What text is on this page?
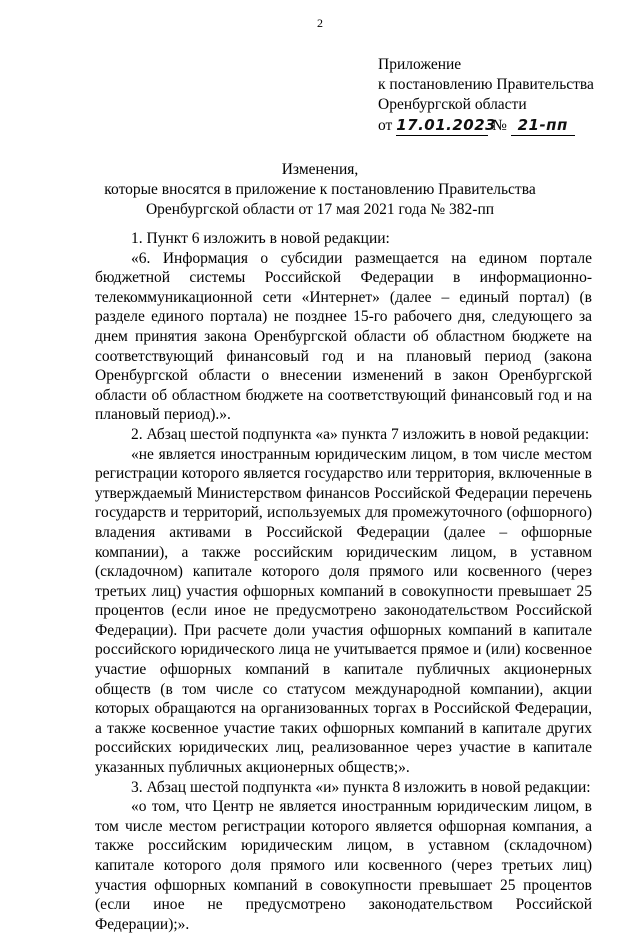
2
Приложение
к постановлению Правительства
Оренбургской области
от 17.01.2023 № 21-пп
Изменения,
которые вносятся в приложение к постановлению Правительства
Оренбургской области от 17 мая 2021 года № 382-пп

1. Пункт 6 изложить в новой редакции:

«6. Информация о субсидии размещается на едином портале бюджетной системы Российской Федерации в информационно-телекоммуникационной сети «Интернет» (далее – единый портал) (в разделе единого портала) не позднее 15-го рабочего дня, следующего за днем принятия закона Оренбургской области об областном бюджете на соответствующий финансовый год и на плановый период (закона Оренбургской области о внесении изменений в закон Оренбургской области об областном бюджете на соответствующий финансовый год и на плановый период).».

2. Абзац шестой подпункта «а» пункта 7 изложить в новой редакции:

«не является иностранным юридическим лицом, в том числе местом регистрации которого является государство или территория, включенные в утверждаемый Министерством финансов Российской Федерации перечень государств и территорий, используемых для промежуточного (офшорного) владения активами в Российской Федерации (далее – офшорные компании), а также российским юридическим лицом, в уставном (складочном) капитале которого доля прямого или косвенного (через третьих лиц) участия офшорных компаний в совокупности превышает 25 процентов (если иное не предусмотрено законодательством Российской Федерации). При расчете доли участия офшорных компаний в капитале российского юридического лица не учитывается прямое и (или) косвенное участие офшорных компаний в капитале публичных акционерных обществ (в том числе со статусом международной компании), акции которых обращаются на организованных торгах в Российской Федерации, а также косвенное участие таких офшорных компаний в капитале других российских юридических лиц, реализованное через участие в капитале указанных публичных акционерных обществ;».

3. Абзац шестой подпункта «и» пункта 8 изложить в новой редакции:

«о том, что Центр не является иностранным юридическим лицом, в том числе местом регистрации которого является офшорная компания, а также российским юридическим лицом, в уставном (складочном) капитале которого доля прямого или косвенного (через третьих лиц) участия офшорных компаний в совокупности превышает 25 процентов (если иное не предусмотрено законодательством Российской Федерации);».
